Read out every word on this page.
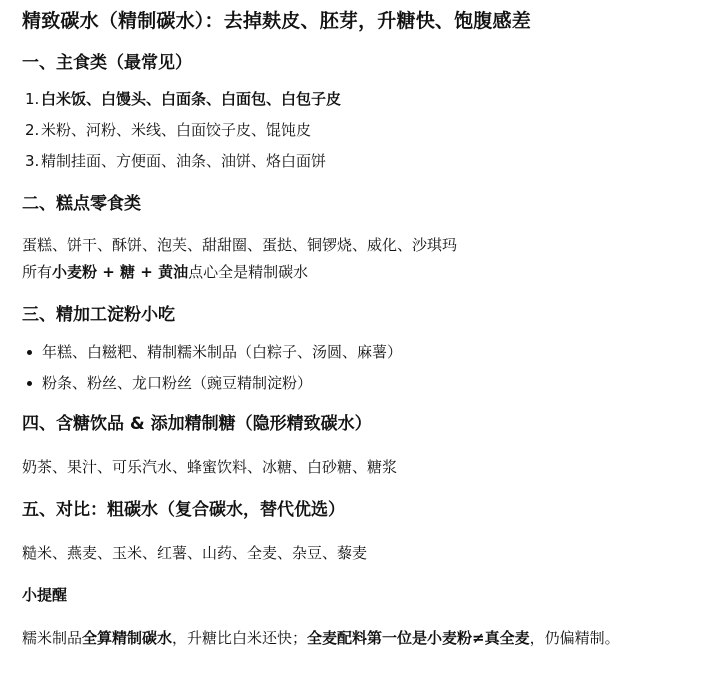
精致碳水（精制碳水）：去掉麸皮、胚芽，升糖快、饱腹感差
一、主食类（最常见）
1. 白米饭、白馒头、白面条、白面包、白包子皮
2. 米粉、河粉、米线、白面饺子皮、馄饨皮
3. 精制挂面、方便面、油条、油饼、烙白面饼
二、糕点零食类

蛋糕、饼干、酥饼、泡芙、甜甜圈、蛋挞、铜锣烧、威化、沙琪玛

所有小麦粉 + 糖 + 黄油点心全是精制碳水

三、精加工淀粉小吃
年糕、白糍粑、精制糯米制品（白粽子、汤圆、麻薯）
粉条、粉丝、龙口粉丝（豌豆精制淀粉）
四、含糖饮品 & 添加精制糖（隐形精致碳水）

奶茶、果汁、可乐汽水、蜂蜜饮料、冰糖、白砂糖、糖浆

五、对比：粗碳水（复合碳水，替代优选）

糙米、燕麦、玉米、红薯、山药、全麦、杂豆、藜麦

小提醒

糯米制品全算精制碳水，升糖比白米还快；全麦配料第一位是小麦粉≠真全麦，仍偏精制。
